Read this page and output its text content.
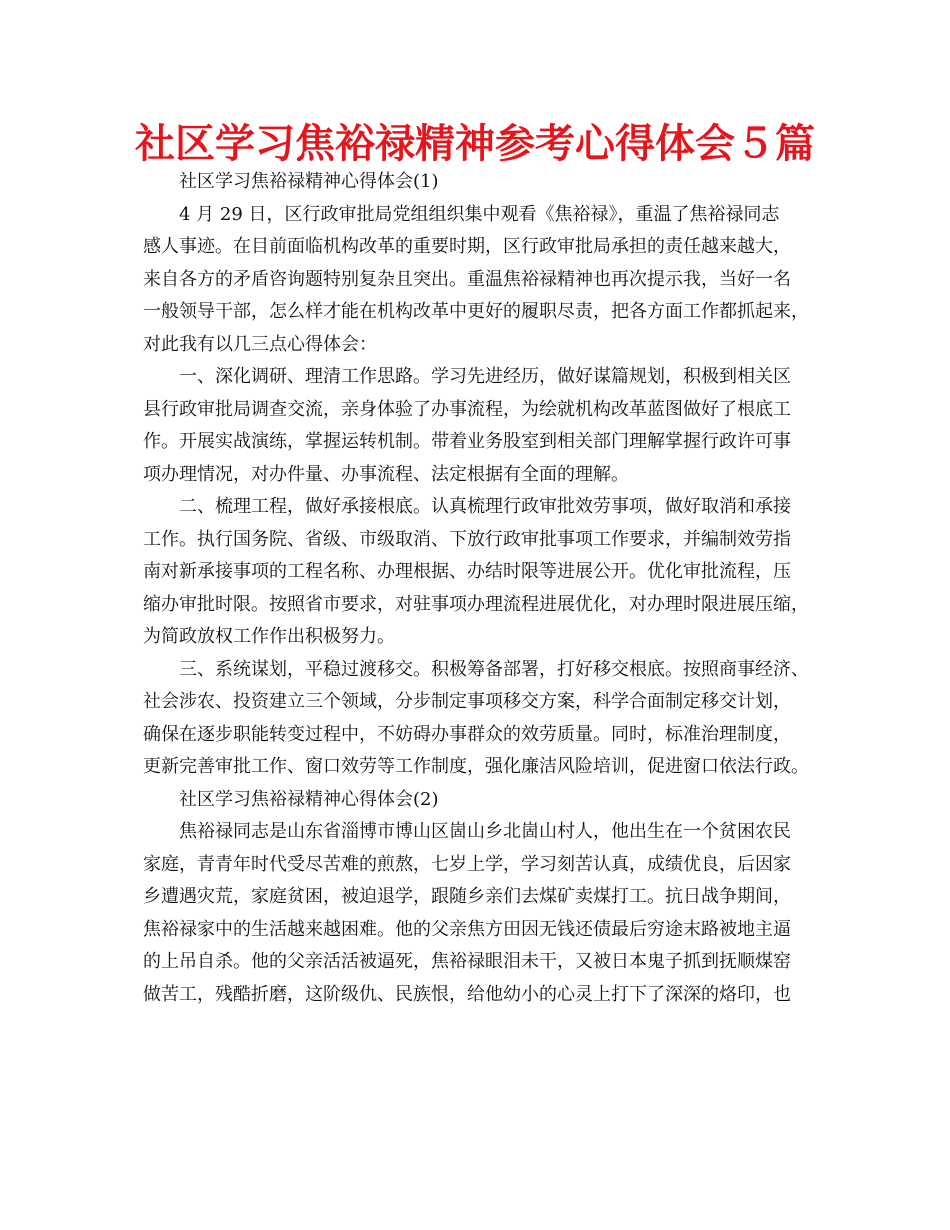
社区学习焦裕禄精神参考心得体会５篇
社区学习焦裕禄精神心得体会(1)
4 月 29 日，区行政审批局党组组织集中观看《焦裕禄》，重温了焦裕禄同志
感人事迹。在目前面临机构改革的重要时期，区行政审批局承担的责任越来越大，
来自各方的矛盾咨询题特别复杂且突出。重温焦裕禄精神也再次提示我，当好一名
一般领导干部，怎么样才能在机构改革中更好的履职尽责，把各方面工作都抓起来，
对此我有以几三点心得体会：
一、深化调研、理清工作思路。学习先进经历，做好谋篇规划，积极到相关区
县行政审批局调查交流，亲身体验了办事流程，为绘就机构改革蓝图做好了根底工
作。开展实战演练，掌握运转机制。带着业务股室到相关部门理解掌握行政许可事
项办理情况，对办件量、办事流程、法定根据有全面的理解。
二、梳理工程，做好承接根底。认真梳理行政审批效劳事项，做好取消和承接
工作。执行国务院、省级、市级取消、下放行政审批事项工作要求，并编制效劳指
南对新承接事项的工程名称、办理根据、办结时限等进展公开。优化审批流程，压
缩办审批时限。按照省市要求，对驻事项办理流程进展优化，对办理时限进展压缩，
为简政放权工作作出积极努力。
三、系统谋划，平稳过渡移交。积极筹备部署，打好移交根底。按照商事经济、
社会涉农、投资建立三个领域，分步制定事项移交方案，科学合面制定移交计划，
确保在逐步职能转变过程中，不妨碍办事群众的效劳质量。同时，标准治理制度，
更新完善审批工作、窗口效劳等工作制度，强化廉洁风险培训，促进窗口依法行政。
社区学习焦裕禄精神心得体会(2)
焦裕禄同志是山东省淄博市博山区崮山乡北崮山村人，他出生在一个贫困农民
家庭，青青年时代受尽苦难的煎熬，七岁上学，学习刻苦认真，成绩优良，后因家
乡遭遇灾荒，家庭贫困，被迫退学，跟随乡亲们去煤矿卖煤打工。抗日战争期间，
焦裕禄家中的生活越来越困难。他的父亲焦方田因无钱还债最后穷途末路被地主逼
的上吊自杀。他的父亲活活被逼死，焦裕禄眼泪未干，又被日本鬼子抓到抚顺煤窑
做苦工，残酷折磨，这阶级仇、民族恨，给他幼小的心灵上打下了深深的烙印，也
